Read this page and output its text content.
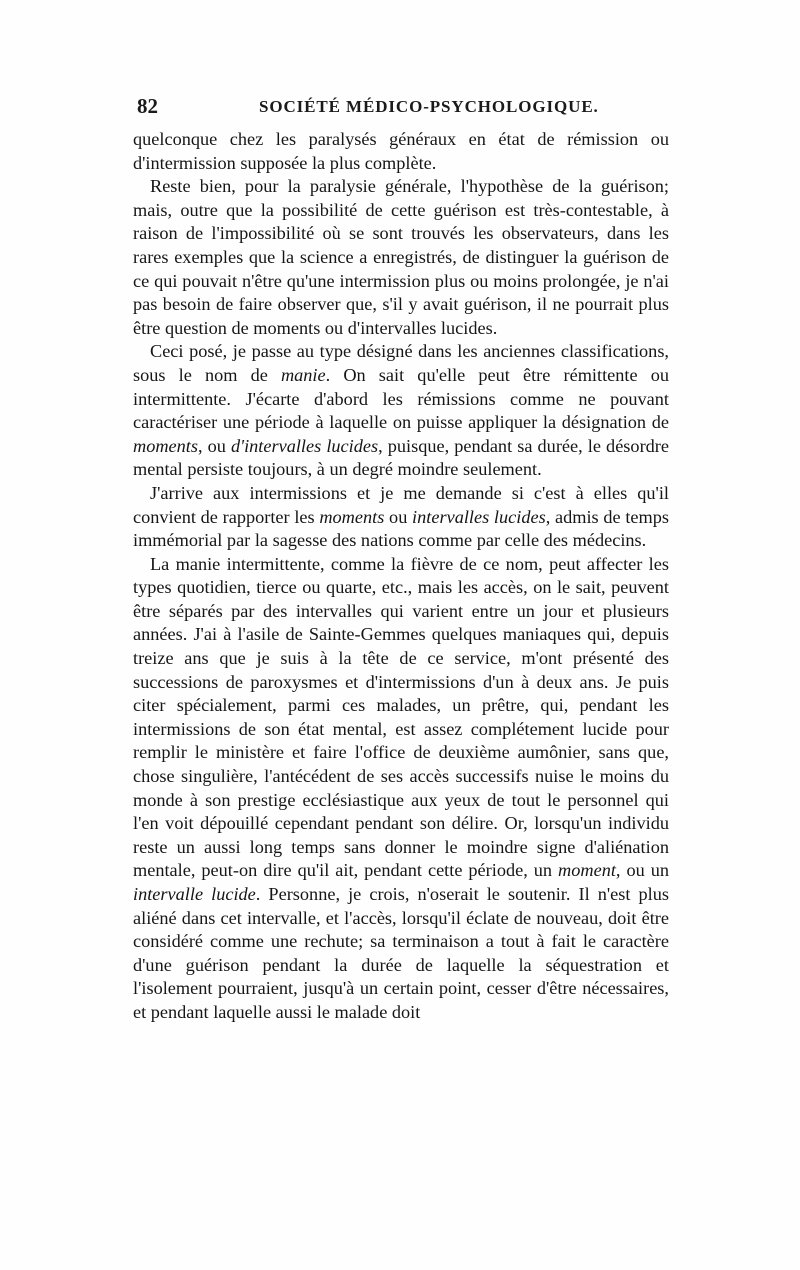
82	SOCIÉTÉ MÉDICO-PSYCHOLOGIQUE.

quelconque chez les paralysés généraux en état de rémission ou d'intermission supposée la plus complète.

Reste bien, pour la paralysie générale, l'hypothèse de la guérison; mais, outre que la possibilité de cette guérison est très-contestable, à raison de l'impossibilité où se sont trouvés les observateurs, dans les rares exemples que la science a enregistrés, de distinguer la guérison de ce qui pouvait n'être qu'une intermission plus ou moins prolongée, je n'ai pas besoin de faire observer que, s'il y avait guérison, il ne pourrait plus être question de moments ou d'intervalles lucides.

Ceci posé, je passe au type désigné dans les anciennes classifications, sous le nom de manie. On sait qu'elle peut être rémittente ou intermittente. J'écarte d'abord les rémissions comme ne pouvant caractériser une période à laquelle on puisse appliquer la désignation de moments, ou d'intervalles lucides, puisque, pendant sa durée, le désordre mental persiste toujours, à un degré moindre seulement.

J'arrive aux intermissions et je me demande si c'est à elles qu'il convient de rapporter les moments ou intervalles lucides, admis de temps immémorial par la sagesse des nations comme par celle des médecins.

La manie intermittente, comme la fièvre de ce nom, peut affecter les types quotidien, tierce ou quarte, etc., mais les accès, on le sait, peuvent être séparés par des intervalles qui varient entre un jour et plusieurs années. J'ai à l'asile de Sainte-Gemmes quelques maniaques qui, depuis treize ans que je suis à la tête de ce service, m'ont présenté des successions de paroxysmes et d'intermissions d'un à deux ans. Je puis citer spécialement, parmi ces malades, un prêtre, qui, pendant les intermissions de son état mental, est assez complétement lucide pour remplir le ministère et faire l'office de deuxième aumônier, sans que, chose singulière, l'antécédent de ses accès successifs nuise le moins du monde à son prestige ecclésiastique aux yeux de tout le personnel qui l'en voit dépouillé cependant pendant son délire. Or, lorsqu'un individu reste un aussi long temps sans donner le moindre signe d'aliénation mentale, peut-on dire qu'il ait, pendant cette période, un moment, ou un intervalle lucide. Personne, je crois, n'oserait le soutenir. Il n'est plus aliéné dans cet intervalle, et l'accès, lorsqu'il éclate de nouveau, doit être considéré comme une rechute; sa terminaison a tout à fait le caractère d'une guérison pendant la durée de laquelle la séquestration et l'isolement pourraient, jusqu'à un certain point, cesser d'être nécessaires, et pendant laquelle aussi le malade doit
